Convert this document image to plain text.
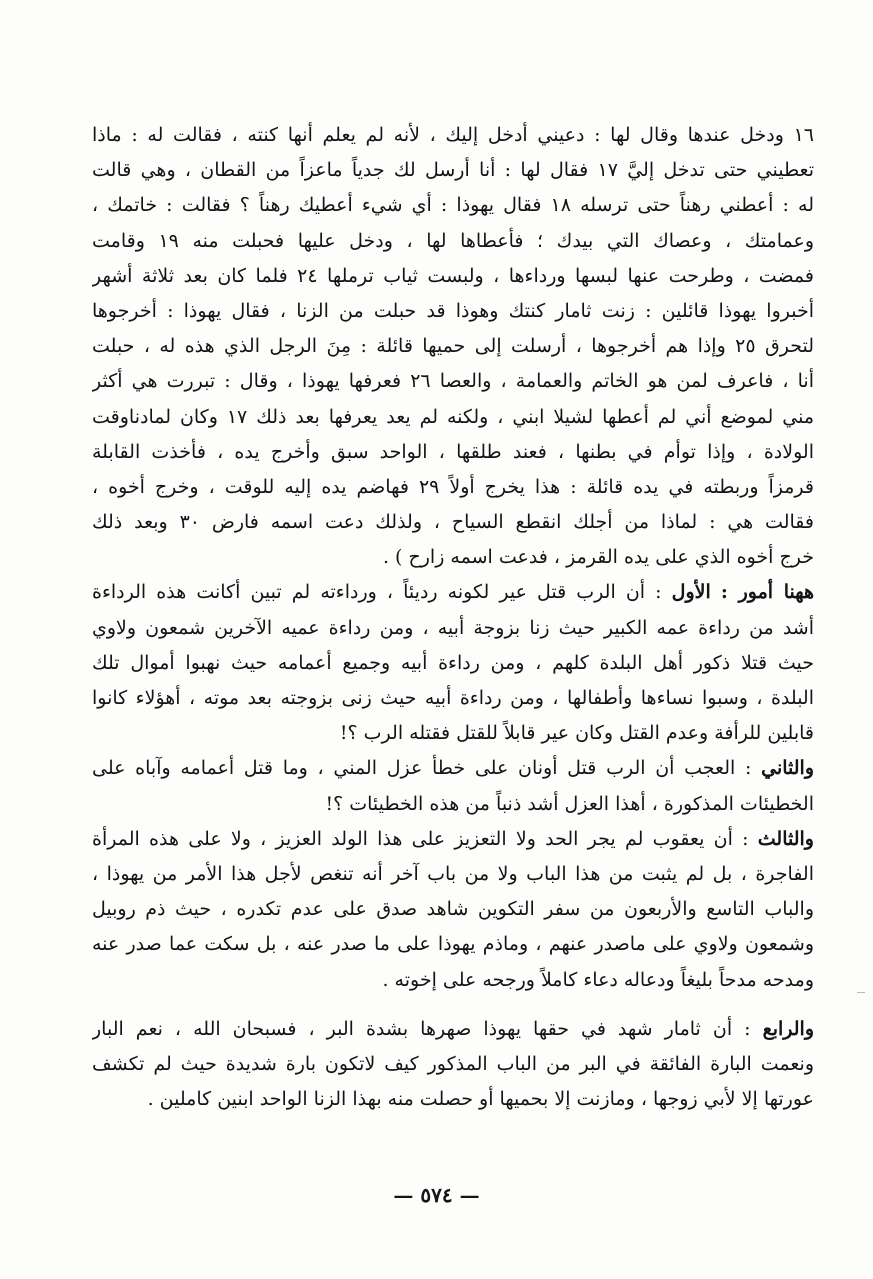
١٦ ودخل عندها وقال لها : دعيني أدخل إليك ، لأنه لم يعلم أنها كنته ، فقالت له : ماذا
تعطيني حتى تدخل إليَّ ١٧ فقال لها : أنا أرسل لك جدياً ماعزاً من القطان ، وهي قالت
له : أعطني رهناً حتى ترسله ١٨ فقال يهوذا : أي شيء أعطيك رهناً ؟ فقالت : خاتمك ،
وعمامتك ، وعصاك التي بيدك ؛ فأعطاها لها ، ودخل عليها فحبلت منه ١٩ وقامت
فمضت ، وطرحت عنها لبسها ورداءها ، ولبست ثياب ترملها ٢٤ فلما كان بعد ثلاثة أشهر
أخبروا يهوذا قائلين : زنت ثامار كنتك وهوذا قد حبلت من الزنا ، فقال يهوذا : أخرجوها
لتحرق ٢٥ وإذا هم أخرجوها ، أرسلت إلى حميها قائلة : مِنَ الرجل الذي هذه له ، حبلت
أنا ، فاعرف لمن هو الخاتم والعمامة ، والعصا ٢٦ فعرفها يهوذا ، وقال : تبررت هي أكثر
مني لموضع أني لم أعطها لشيلا ابني ، ولكنه لم يعد يعرفها بعد ذلك ١٧ وكان لمادناوقت
الولادة ، وإذا توأم في بطنها ، فعند طلقها ، الواحد سبق وأخرج يده ، فأخذت القابلة
قرمزاً وربطته في يده قائلة : هذا يخرج أولاً ٢٩ فهاضم يده إليه للوقت ، وخرج أخوه ،
فقالت هي : لماذا من أجلك انقطع السياح ، ولذلك دعت اسمه فارض ٣٠ وبعد ذلك
خرج أخوه الذي على يده القرمز ، فدعت اسمه زارح ) .
ههنا أمور : الأول : أن الرب قتل عير لكونه رديئاً ، ورداءته لم تبين أكانت هذه الرداءة
أشد من رداءة عمه الكبير حيث زنا بزوجة أبيه ، ومن رداءة عميه الآخرين شمعون ولاوي
حيث قتلا ذكور أهل البلدة كلهم ، ومن رداءة أبيه وجميع أعمامه حيث نهبوا أموال تلك
البلدة ، وسبوا نساءها وأطفالها ، ومن رداءة أبيه حيث زنى بزوجته بعد موته ، أهؤلاء كانوا
قابلين للرأفة وعدم القتل وكان عير قابلاً للقتل فقتله الرب ؟!
والثاني : العجب أن الرب قتل أونان على خطأ عزل المني ، وما قتل أعمامه وآباه على
الخطيئات المذكورة ، أهذا العزل أشد ذنباً من هذه الخطيئات ؟!
والثالث : أن يعقوب لم يجر الحد ولا التعزيز على هذا الولد العزيز ، ولا على هذه المرأة
الفاجرة ، بل لم يثبت من هذا الباب ولا من باب آخر أنه تنغص لأجل هذا الأمر من يهوذا ،
والباب التاسع والأربعون من سفر التكوين شاهد صدق على عدم تكدره ، حيث ذم روبيل
وشمعون ولاوي على ماصدر عنهم ، وماذم يهوذا على ما صدر عنه ، بل سكت عما صدر عنه
ومدحه مدحاً بليغاً ودعاله دعاء كاملاً ورجحه على إخوته .
والرابع : أن ثامار شهد في حقها يهوذا صهرها بشدة البر ، فسبحان الله ، نعم البار
ونعمت البارة الفائقة في البر من الباب المذكور كيف لاتكون بارة شديدة حيث لم تكشف
عورتها إلا لأبي زوجها ، ومازنت إلا بحميها أو حصلت منه بهذا الزنا الواحد ابنين كاملين .
— ٥٧٤ —
